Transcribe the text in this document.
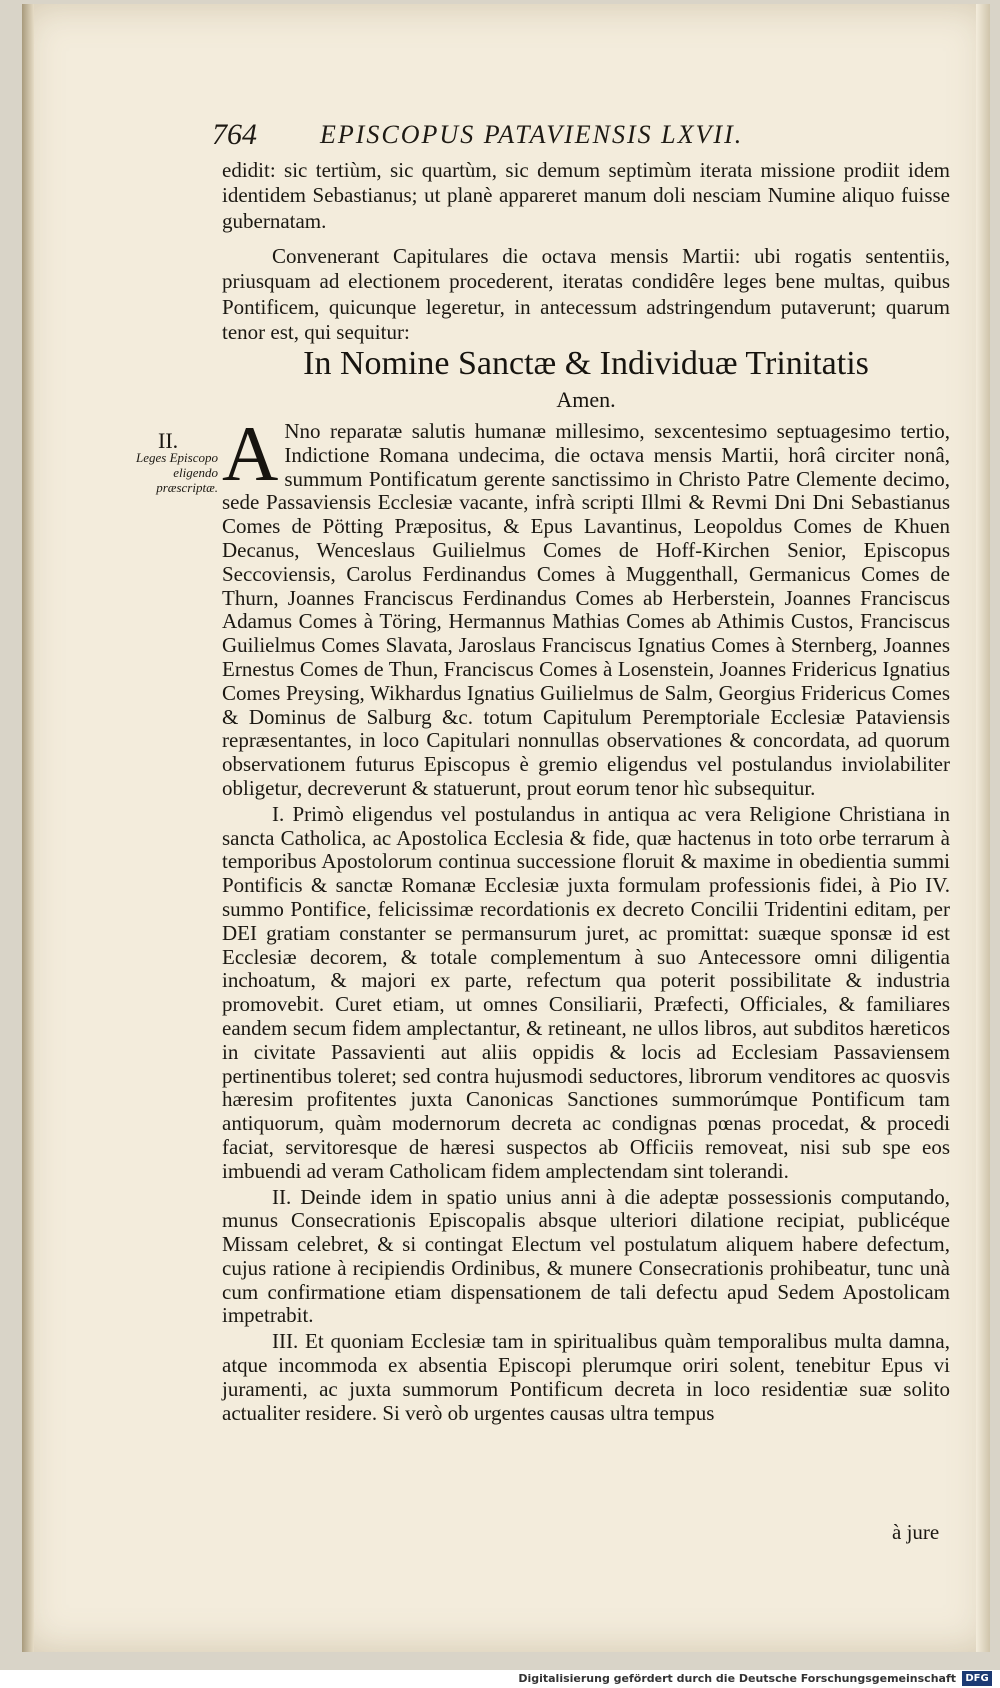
764 EPISCOPUS PATAVIENSIS LXVII.
edidit: sic tertiùm, sic quartùm, sic demum septimùm iterata missione prodiit idem identidem Sebastianus; ut planè appareret manum doli nesciam Numine aliquo fuisse gubernatam.
Convenerant Capitulares die octava mensis Martii: ubi rogatis sententiis, priusquam ad electionem procederent, iteratas condidêre leges bene multas, quibus Pontificem, quicunque legeretur, in antecessum adstringendum putaverunt; quarum tenor est, qui sequitur:
In Nomine Sanctæ & Individuæ Trinitatis
Amen.
II.
Leges Episcopo eligendo præscriptæ. A Nno reparatæ salutis humanæ millesimo, sexcentesimo septuagesimo tertio, Indictione Romana undecima, die octava mensis Martii, horâ circiter nonâ, summum Pontificatum gerente sanctissimo in Christo Patre Clemente decimo, sede Passaviensis Ecclesiæ vacante, infrà scripti Illmi & Revmi Dni Dni Sebastianus Comes de Pötting Præpositus, & Epus Lavantinus, Leopoldus Comes de Khuen Decanus, Wenceslaus Guilielmus Comes de Hoff-Kirchen Senior, Episcopus Seccoviensis, Carolus Ferdinandus Comes à Muggenthall, Germanicus Comes de Thurn, Joannes Franciscus Ferdinandus Comes ab Herberstein, Joannes Franciscus Adamus Comes à Töring, Hermannus Mathias Comes ab Athimis Custos, Franciscus Guilielmus Comes Slavata, Jaroslaus Franciscus Ignatius Comes à Sternberg, Joannes Ernestus Comes de Thun, Franciscus Comes à Losenstein, Joannes Fridericus Ignatius Comes Preysing, Wikhardus Ignatius Guilielmus de Salm, Georgius Fridericus Comes & Dominus de Salburg &c. totum Capitulum Peremptoriale Ecclesiæ Pataviensis repræsentantes, in loco Capitulari nonnullas observationes & concordata, ad quorum observationem futurus Episcopus è gremio eligendus vel postulandus inviolabiliter obligetur, decreverunt & statuerunt, prout eorum tenor hìc subsequitur.

I. Primò eligendus vel postulandus in antiqua ac vera Religione Christiana in sancta Catholica, ac Apostolica Ecclesia & fide, quæ hactenus in toto orbe terrarum à temporibus Apostolorum continua successione floruit & maxime in obedientia summi Pontificis & sanctæ Romanæ Ecclesiæ juxta formulam professionis fidei, à Pio IV. summo Pontifice, felicissimæ recordationis ex decreto Concilii Tridentini editam, per DEI gratiam constanter se permansurum juret, ac promittat: suæque sponsæ id est Ecclesiæ decorem, & totale complementum à suo Antecessore omni diligentia inchoatum, & majori ex parte, refectum qua poterit possibilitate & industria promovebit. Curet etiam, ut omnes Consiliarii, Præfecti, Officiales, & familiares eandem secum fidem amplectantur, & retineant, ne ullos libros, aut subditos hæreticos in civitate Passavienti aut aliis oppidis & locis ad Ecclesiam Passaviensem pertinentibus toleret; sed contra hujusmodi seductores, librorum venditores ac quosvis hæresim profitentes juxta Canonicas Sanctiones summorúmque Pontificum tam antiquorum, quàm modernorum decreta ac condignas pœnas procedat, & procedi faciat, servitoresque de hæresi suspectos ab Officiis removeat, nisi sub spe eos imbuendi ad veram Catholicam fidem amplectendam sint tolerandi.

II. Deinde idem in spatio unius anni à die adeptæ possessionis computando, munus Consecrationis Episcopalis absque ulteriori dilatione recipiat, publicéque Missam celebret, & si contingat Electum vel postulatum aliquem habere defectum, cujus ratione à recipiendis Ordinibus, & munere Consecrationis prohibeatur, tunc unà cum confirmatione etiam dispensationem de tali defectu apud Sedem Apostolicam impetrabit.

III. Et quoniam Ecclesiæ tam in spiritualibus quàm temporalibus multa damna, atque incommoda ex absentia Episcopi plerumque oriri solent, tenebitur Epus vi juramenti, ac juxta summorum Pontificum decreta in loco residentiæ suæ solito actualiter residere. Si verò ob urgentes causas ultra tempus

à jure
Digitalisierung gefördert durch die Deutsche Forschungsgemeinschaft DFG
